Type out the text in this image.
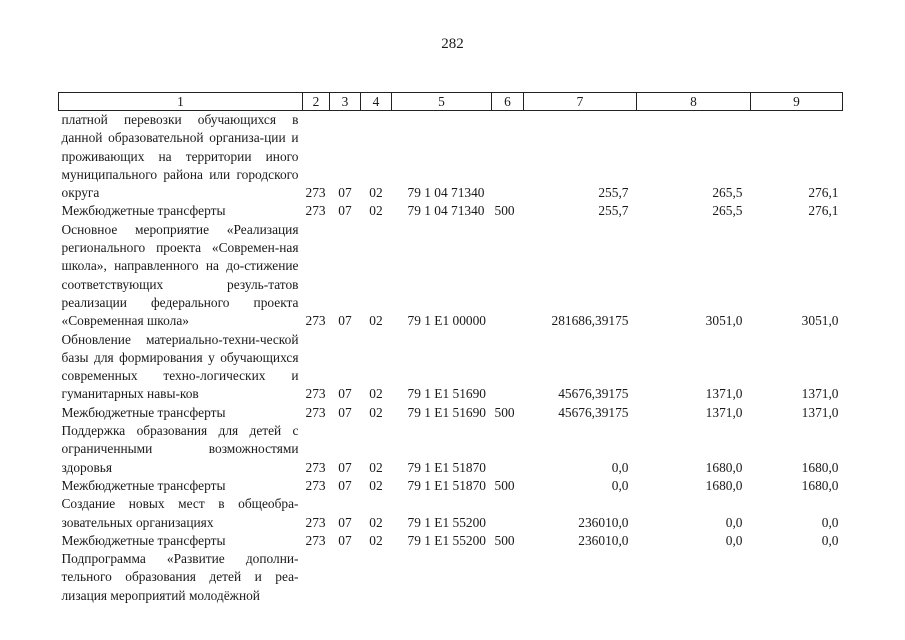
282
1	2	3	4	5	6	7	8	9
платной перевозки обучающихся в данной образовательной организа-ции и проживающих на территории иного муниципального района или городского округа	273	07	02	79 1 04 71340		255,7	265,5	276,1
Межбюджетные трансферты	273	07	02	79 1 04 71340	500	255,7	265,5	276,1
Основное мероприятие «Реализация регионального проекта «Современ-ная школа», направленного на до-стижение соответствующих резуль-татов реализации федерального проекта «Современная школа»	273	07	02	79 1 E1 00000		281686,39175	3051,0	3051,0
Обновление материально-техни-ческой базы для формирования у обучающихся современных техно-логических и гуманитарных навы-ков	273	07	02	79 1 E1 51690		45676,39175	1371,0	1371,0
Межбюджетные трансферты	273	07	02	79 1 E1 51690	500	45676,39175	1371,0	1371,0
Поддержка образования для детей с ограниченными возможностями здоровья	273	07	02	79 1 E1 51870		0,0	1680,0	1680,0
Межбюджетные трансферты	273	07	02	79 1 E1 51870	500	0,0	1680,0	1680,0
Создание новых мест в общеобра-зовательных организациях	273	07	02	79 1 E1 55200		236010,0	0,0	0,0
Межбюджетные трансферты	273	07	02	79 1 E1 55200	500	236010,0	0,0	0,0
Подпрограмма «Развитие дополни-тельного образования детей и реа-лизация мероприятий молодёжной								
